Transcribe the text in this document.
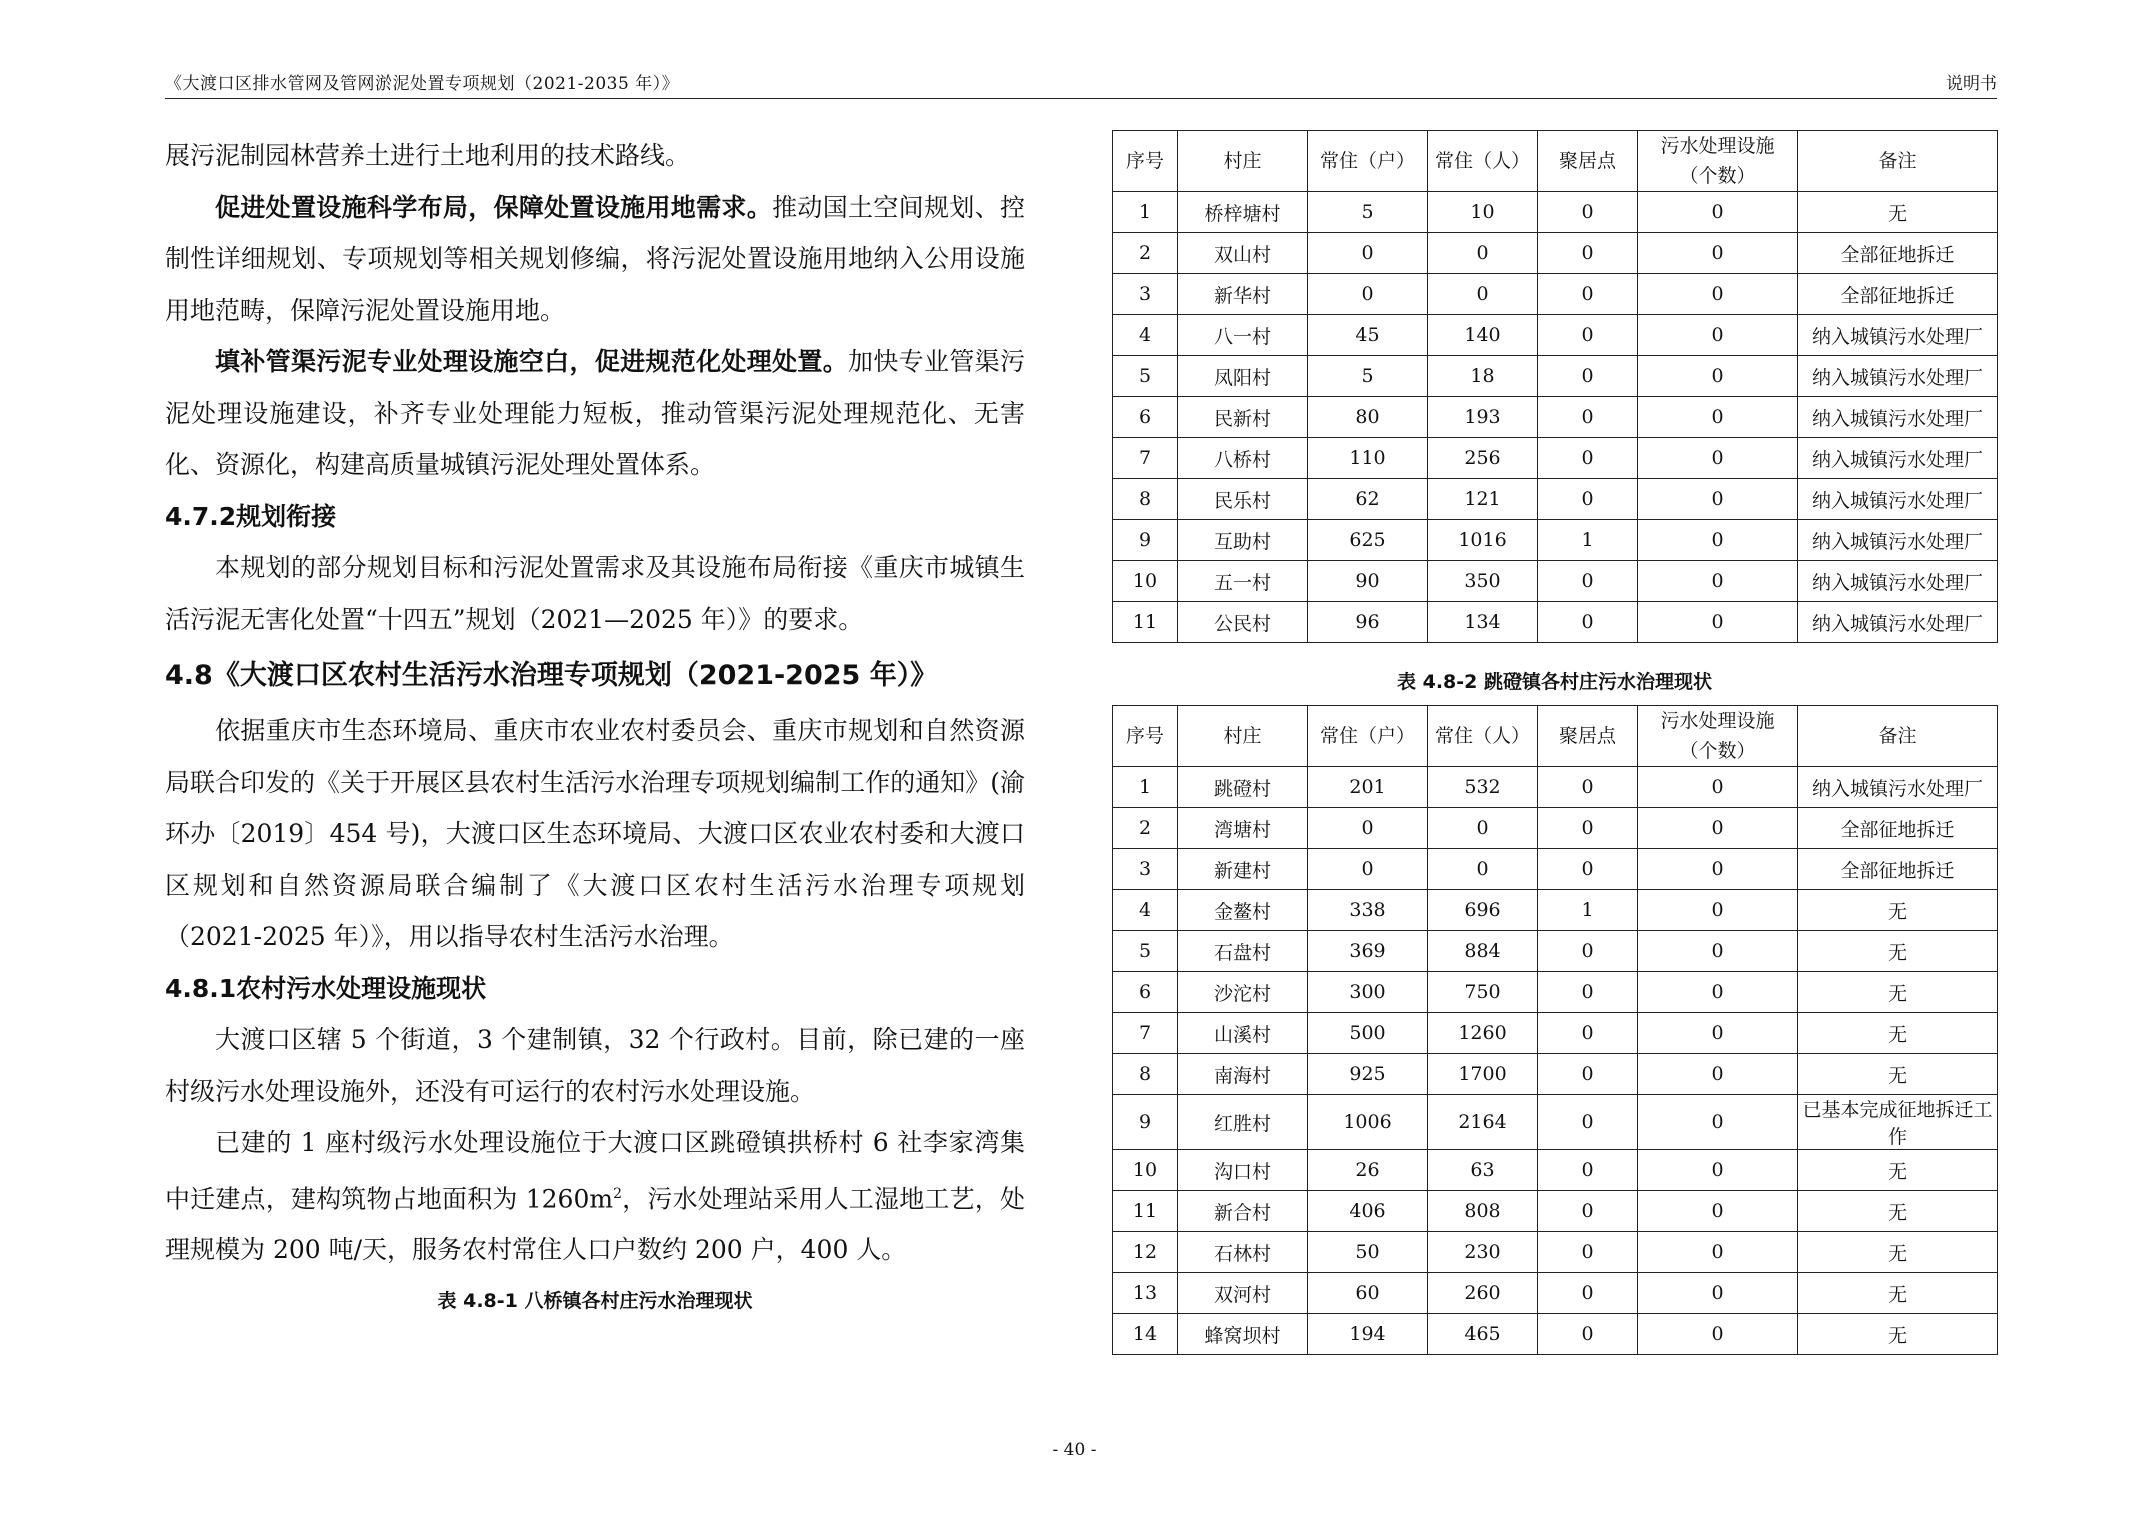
《大渡口区排水管网及管网淤泥处置专项规划（2021-2035 年）》	说明书

展污泥制园林营养土进行土地利用的技术路线。

促进处置设施科学布局，保障处置设施用地需求。推动国土空间规划、控制性详细规划、专项规划等相关规划修编，将污泥处置设施用地纳入公用设施用地范畴，保障污泥处置设施用地。

填补管渠污泥专业处理设施空白，促进规范化处理处置。加快专业管渠污泥处理设施建设，补齐专业处理能力短板，推动管渠污泥处理规范化、无害化、资源化，构建高质量城镇污泥处理处置体系。

4.7.2规划衔接

本规划的部分规划目标和污泥处置需求及其设施布局衔接《重庆市城镇生活污泥无害化处置“十四五”规划（2021—2025 年）》的要求。

4.8《大渡口区农村生活污水治理专项规划（2021-2025 年）》

依据重庆市生态环境局、重庆市农业农村委员会、重庆市规划和自然资源局联合印发的《关于开展区县农村生活污水治理专项规划编制工作的通知》(渝环办〔2019〕454 号)，大渡口区生态环境局、大渡口区农业农村委和大渡口区规划和自然资源局联合编制了《大渡口区农村生活污水治理专项规划（2021-2025 年）》，用以指导农村生活污水治理。

4.8.1农村污水处理设施现状

大渡口区辖 5 个街道，3 个建制镇，32 个行政村。目前，除已建的一座村级污水处理设施外，还没有可运行的农村污水处理设施。

已建的 1 座村级污水处理设施位于大渡口区跳磴镇拱桥村 6 社李家湾集中迁建点，建构筑物占地面积为 $1260m^2$，污水处理站采用人工湿地工艺，处理规模为 200 吨/天，服务农村常住人口户数约 200 户，400 人。

表 4.8-1 八桥镇各村庄污水治理现状
序号	村庄	常住（户）	常住（人）	聚居点	污水处理设施（个数）	备注
1	桥梓塘村	5	10	0	0	无
2	双山村	0	0	0	0	全部征地拆迁
3	新华村	0	0	0	0	全部征地拆迁
4	八一村	45	140	0	0	纳入城镇污水处理厂
5	凤阳村	5	18	0	0	纳入城镇污水处理厂
6	民新村	80	193	0	0	纳入城镇污水处理厂
7	八桥村	110	256	0	0	纳入城镇污水处理厂
8	民乐村	62	121	0	0	纳入城镇污水处理厂
9	互助村	625	1016	1	0	纳入城镇污水处理厂
10	五一村	90	350	0	0	纳入城镇污水处理厂
11	公民村	96	134	0	0	纳入城镇污水处理厂
表 4.8-2 跳磴镇各村庄污水治理现状
序号	村庄	常住（户）	常住（人）	聚居点	污水处理设施（个数）	备注
1	跳磴村	201	532	0	0	纳入城镇污水处理厂
2	湾塘村	0	0	0	0	全部征地拆迁
3	新建村	0	0	0	0	全部征地拆迁
4	金鳌村	338	696	1	0	无
5	石盘村	369	884	0	0	无
6	沙沱村	300	750	0	0	无
7	山溪村	500	1260	0	0	无
8	南海村	925	1700	0	0	无
9	红胜村	1006	2164	0	0	已基本完成征地拆迁工作
10	沟口村	26	63	0	0	无
11	新合村	406	808	0	0	无
12	石林村	50	230	0	0	无
13	双河村	60	260	0	0	无
14	蜂窝坝村	194	465	0	0	无
- 40 -
